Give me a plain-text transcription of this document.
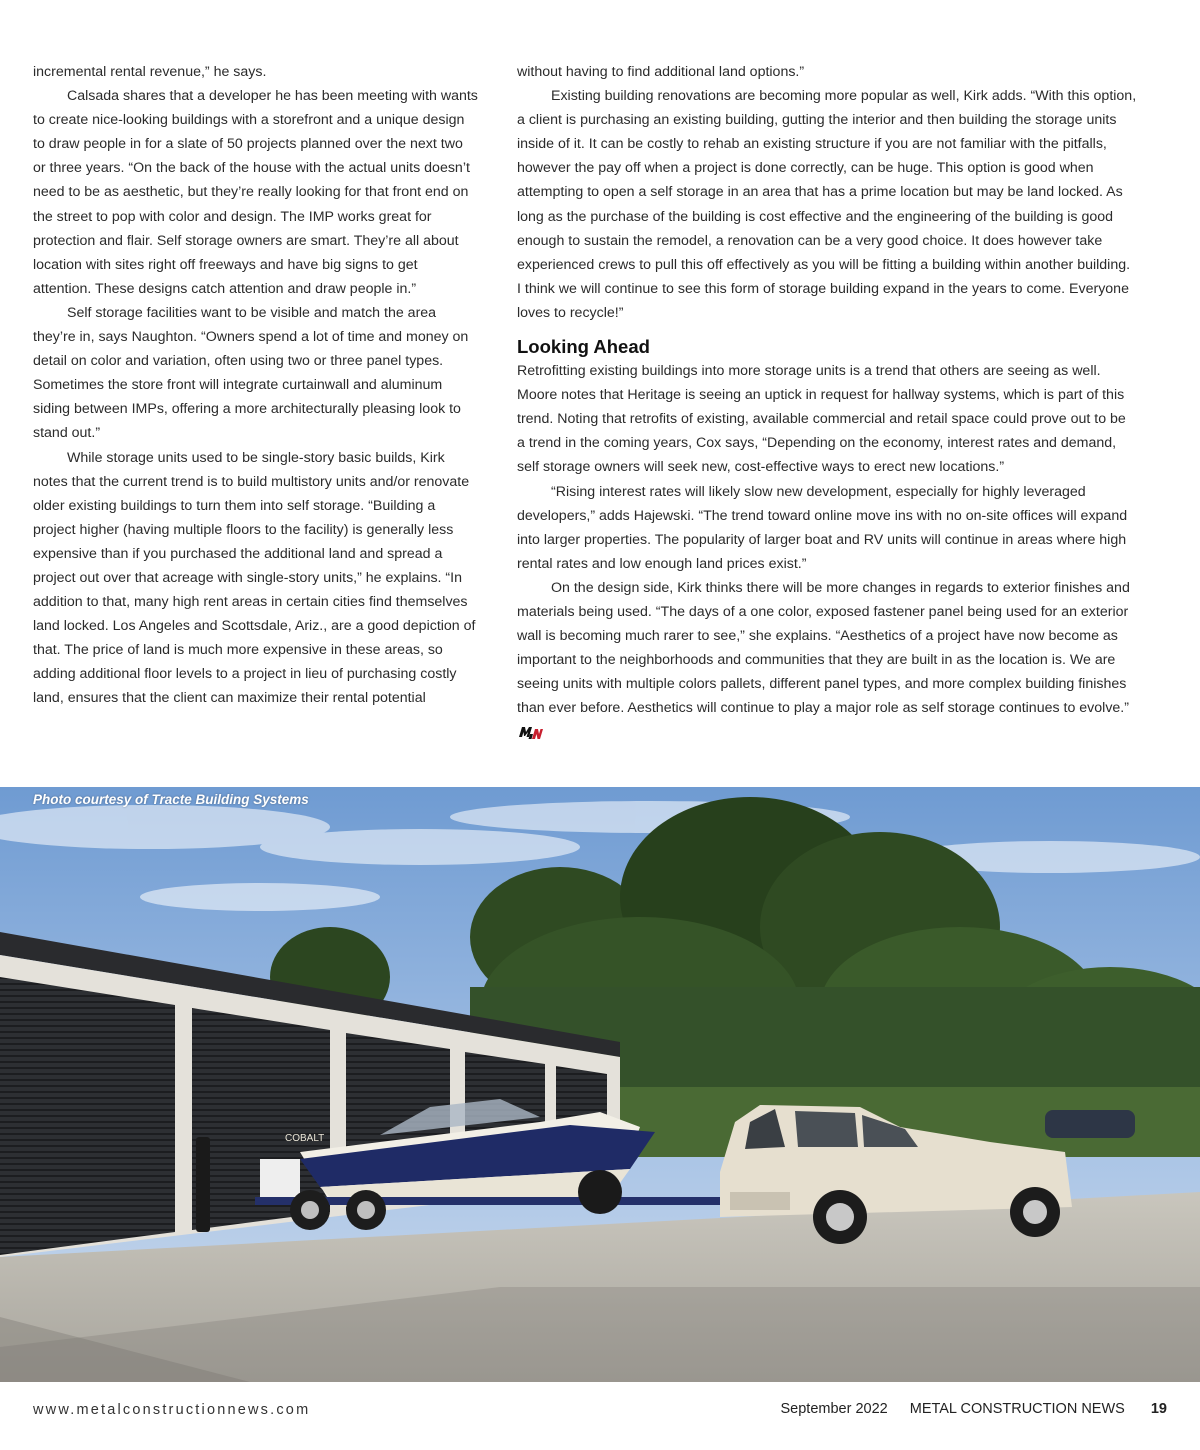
incremental rental revenue,” he says.

Calsada shares that a developer he has been meeting with wants to create nice-looking buildings with a storefront and a unique design to draw people in for a slate of 50 projects planned over the next two or three years. “On the back of the house with the actual units doesn’t need to be as aesthetic, but they’re really looking for that front end on the street to pop with color and design. The IMP works great for protection and flair. Self storage owners are smart. They’re all about location with sites right off freeways and have big signs to get attention. These designs catch attention and draw people in.”

Self storage facilities want to be visible and match the area they’re in, says Naughton. “Owners spend a lot of time and money on detail on color and variation, often using two or three panel types. Sometimes the store front will integrate curtainwall and aluminum siding between IMPs, offering a more architecturally pleasing look to stand out.”

While storage units used to be single-story basic builds, Kirk notes that the current trend is to build multistory units and/or renovate older existing buildings to turn them into self storage. “Building a project higher (having multiple floors to the facility) is generally less expensive than if you purchased the additional land and spread a project out over that acreage with single-story units,” he explains. “In addition to that, many high rent areas in certain cities find themselves land locked. Los Angeles and Scottsdale, Ariz., are a good depiction of that. The price of land is much more expensive in these areas, so adding additional floor levels to a project in lieu of purchasing costly land, ensures that the client can maximize their rental potential

without having to find additional land options.”

Existing building renovations are becoming more popular as well, Kirk adds. “With this option, a client is purchasing an existing building, gutting the interior and then building the storage units inside of it. It can be costly to rehab an existing structure if you are not familiar with the pitfalls, however the pay off when a project is done correctly, can be huge. This option is good when attempting to open a self storage in an area that has a prime location but may be land locked. As long as the purchase of the building is cost effective and the engineering of the building is good enough to sustain the remodel, a renovation can be a very good choice. It does however take experienced crews to pull this off effectively as you will be fitting a building within another building. I think we will continue to see this form of storage building expand in the years to come. Everyone loves to recycle!”

Looking Ahead

Retrofitting existing buildings into more storage units is a trend that others are seeing as well. Moore notes that Heritage is seeing an uptick in request for hallway systems, which is part of this trend. Noting that retrofits of existing, available commercial and retail space could prove out to be a trend in the coming years, Cox says, “Depending on the economy, interest rates and demand, self storage owners will seek new, cost-effective ways to erect new locations.”

“Rising interest rates will likely slow new development, especially for highly leveraged developers,” adds Hajewski. “The trend toward online move ins with no on-site offices will expand into larger properties. The popularity of larger boat and RV units will continue in areas where high rental rates and low enough land prices exist.”

On the design side, Kirk thinks there will be more changes in regards to exterior finishes and materials being used. “The days of a one color, exposed fastener panel being used for an exterior wall is becoming much rarer to see,” she explains. “Aesthetics of a project have now become as important to the neighborhoods and communities that they are built in as the location is. We are seeing units with multiple colors pallets, different panel types, and more complex building finishes than ever before. Aesthetics will continue to play a major role as self storage continues to evolve.”

COBALT
Photo courtesy of Tracte Building Systems
www.metalconstructionnews.com	September 2022 METAL CONSTRUCTION NEWS 19
